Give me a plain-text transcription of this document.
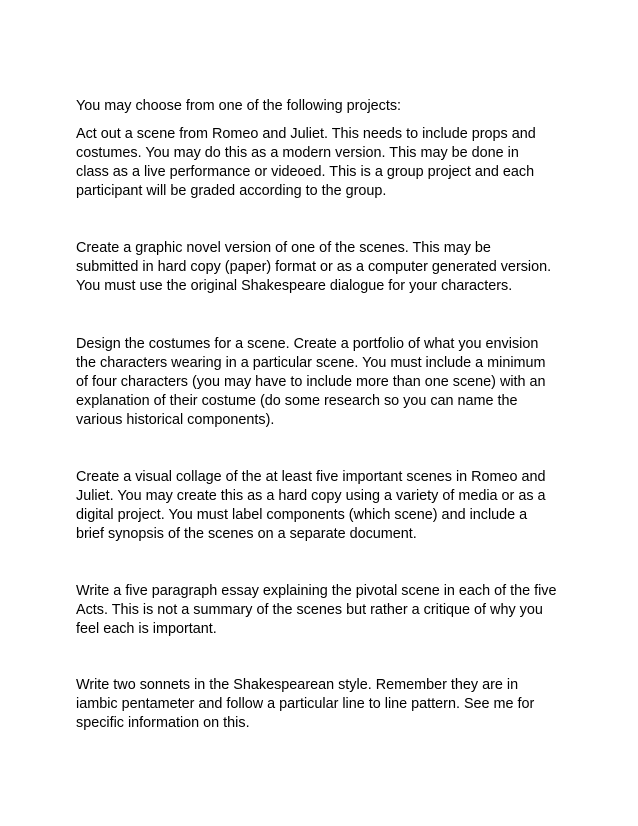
You may choose from one of the following projects:

Act out a scene from Romeo and Juliet. This needs to include props and
costumes. You may do this as a modern version. This may be done in
class as a live performance or videoed. This is a group project and each
participant will be graded according to the group.

Create a graphic novel version of one of the scenes. This may be
submitted in hard copy (paper) format or as a computer generated version.
You must use the original Shakespeare dialogue for your characters.

Design the costumes for a scene. Create a portfolio of what you envision
the characters wearing in a particular scene. You must include a minimum
of four characters (you may have to include more than one scene) with an
explanation of their costume (do some research so you can name the
various historical components).

Create a visual collage of the at least five important scenes in Romeo and
Juliet. You may create this as a hard copy using a variety of media or as a
digital project. You must label components (which scene) and include a
brief synopsis of the scenes on a separate document.

Write a five paragraph essay explaining the pivotal scene in each of the five
Acts. This is not a summary of the scenes but rather a critique of why you
feel each is important.

Write two sonnets in the Shakespearean style. Remember they are in
iambic pentameter and follow a particular line to line pattern. See me for
specific information on this.
